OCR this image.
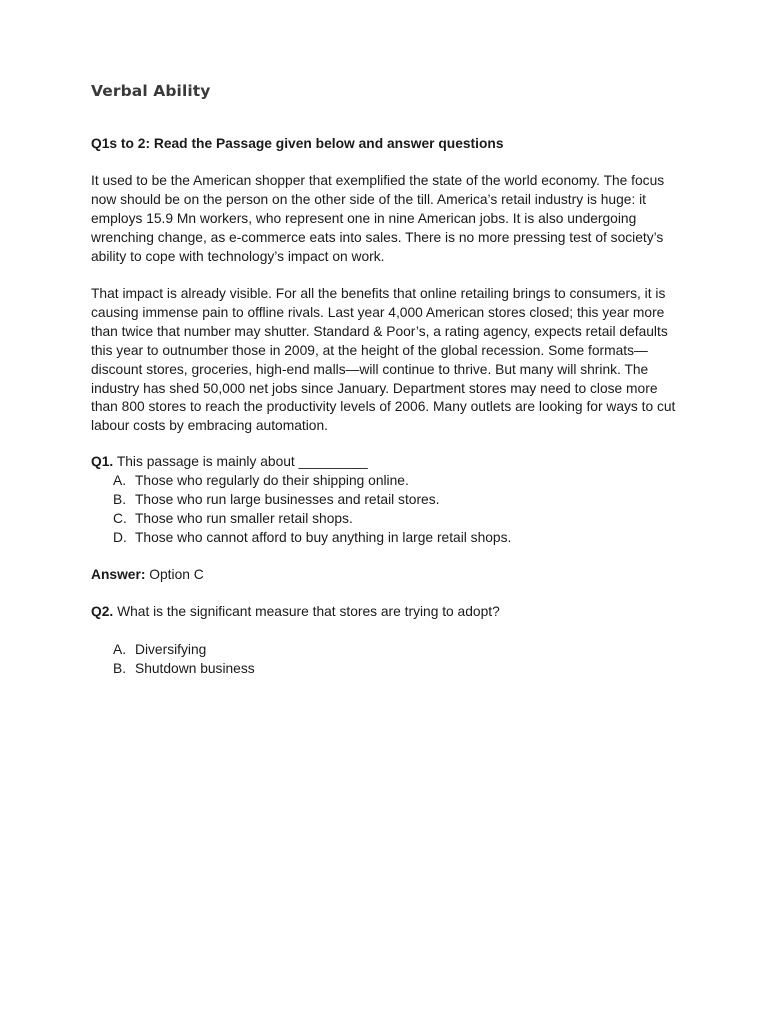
Verbal Ability
Q1s to 2: Read the Passage given below and answer questions

It used to be the American shopper that exemplified the state of the world economy. The focus
now should be on the person on the other side of the till. America’s retail industry is huge: it
employs 15.9 Mn workers, who represent one in nine American jobs. It is also undergoing
wrenching change, as e-commerce eats into sales. There is no more pressing test of society’s
ability to cope with technology’s impact on work.

That impact is already visible. For all the benefits that online retailing brings to consumers, it is
causing immense pain to offline rivals. Last year 4,000 American stores closed; this year more
than twice that number may shutter. Standard & Poor’s, a rating agency, expects retail defaults
this year to outnumber those in 2009, at the height of the global recession. Some formats—
discount stores, groceries, high-end malls—will continue to thrive. But many will shrink. The
industry has shed 50,000 net jobs since January. Department stores may need to close more
than 800 stores to reach the productivity levels of 2006. Many outlets are looking for ways to cut
labour costs by embracing automation.

Q1. This passage is mainly about _________
A. Those who regularly do their shipping online.
B. Those who run large businesses and retail stores.
C. Those who run smaller retail shops.
D. Those who cannot afford to buy anything in large retail shops.
Answer: Option C
Q2. What is the significant measure that stores are trying to adopt?
A. Diversifying
B. Shutdown business
